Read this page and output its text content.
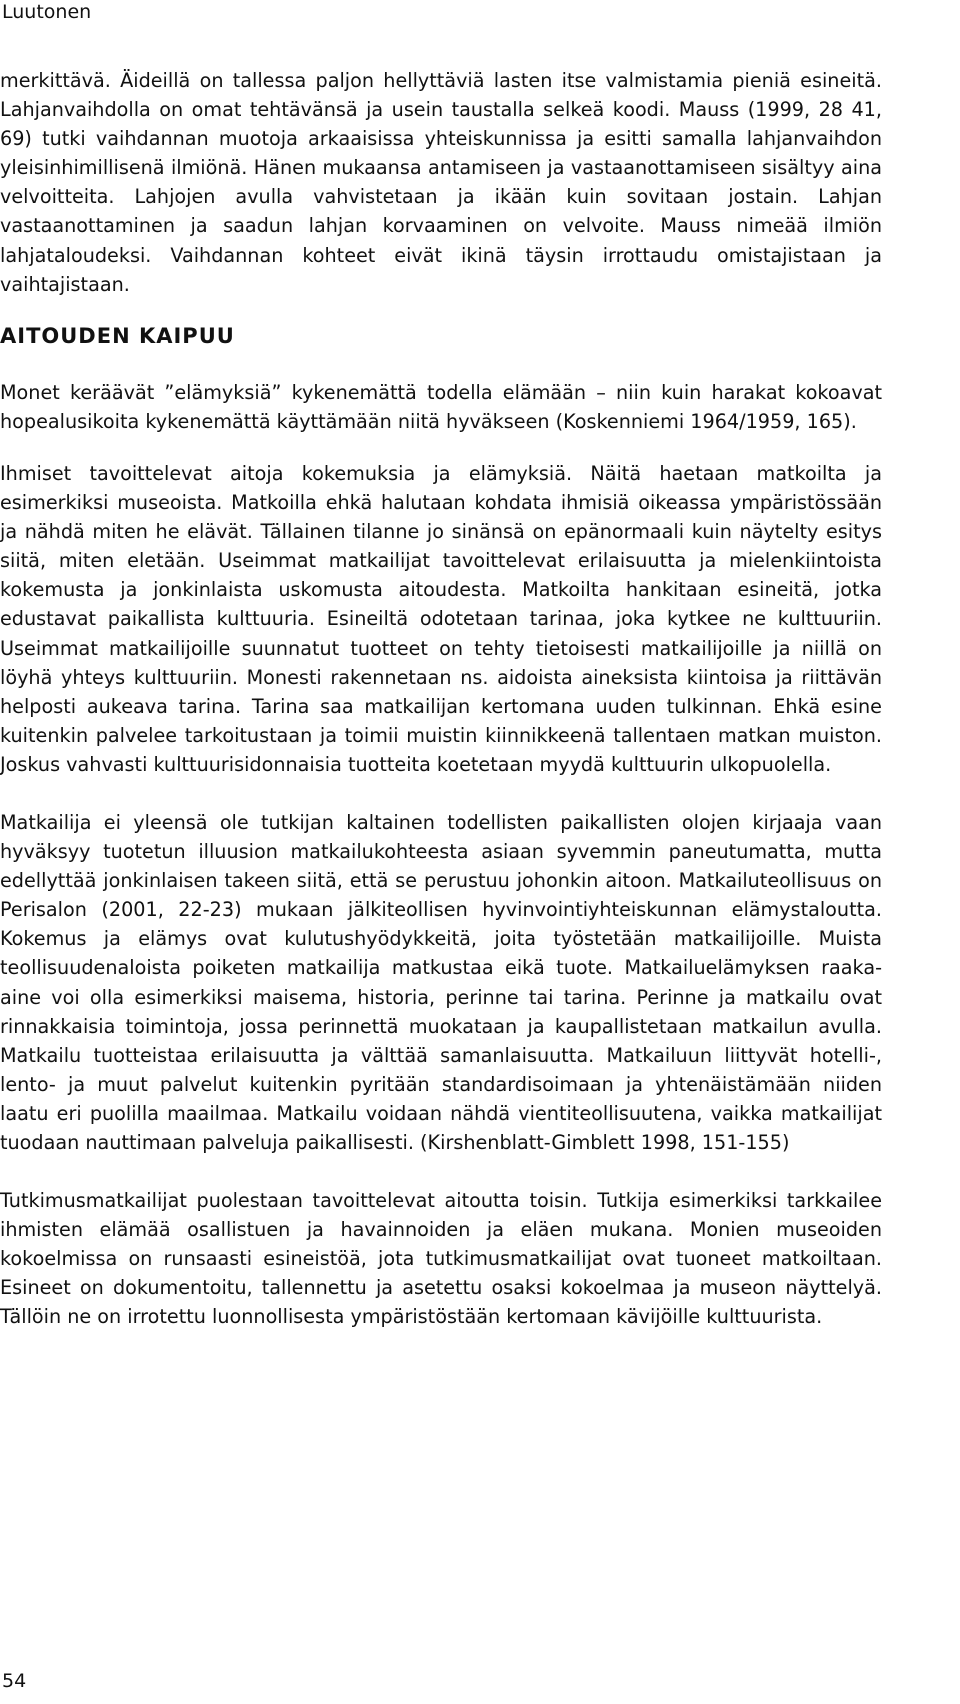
Luutonen

merkittävä. Äideillä on tallessa paljon hellyttäviä lasten itse valmistamia pieniä esineitä. Lahjanvaihdolla on omat tehtävänsä ja usein taustalla selkeä koodi. Mauss (1999, 28 41, 69) tutki vaihdannan muotoja arkaaisissa yhteiskunnissa ja esitti samalla lahjanvaihdon yleisinhimillisenä ilmiönä. Hänen mukaansa antamiseen ja vastaanottamiseen sisältyy aina velvoitteita. Lahjojen avulla vahvistetaan ja ikään kuin sovitaan jostain. Lahjan vastaanottaminen ja saadun lahjan korvaaminen on velvoite. Mauss nimeää ilmiön lahjataloudeksi. Vaihdannan kohteet eivät ikinä täysin irrottaudu omistajistaan ja vaihtajistaan.

AITOUDEN KAIPUU

Monet keräävät ”elämyksiä” kykenemättä todella elämään – niin kuin harakat kokoavat hopealusikoita kykenemättä käyttämään niitä hyväkseen (Koskenniemi 1964/1959, 165).

Ihmiset tavoittelevat aitoja kokemuksia ja elämyksiä. Näitä haetaan matkoilta ja esimerkiksi museoista. Matkoilla ehkä halutaan kohdata ihmisiä oikeassa ympäristössään ja nähdä miten he elävät. Tällainen tilanne jo sinänsä on epänormaali kuin näytelty esitys siitä, miten eletään. Useimmat matkailijat tavoittelevat erilaisuutta ja mielenkiintoista kokemusta ja jonkinlaista uskomusta aitoudesta. Matkoilta hankitaan esineitä, jotka edustavat paikallista kulttuuria. Esineiltä odotetaan tarinaa, joka kytkee ne kulttuuriin. Useimmat matkailijoille suunnatut tuotteet on tehty tietoisesti matkailijoille ja niillä on löyhä yhteys kulttuuriin. Monesti rakennetaan ns. aidoista aineksista kiintoisa ja riittävän helposti aukeava tarina. Tarina saa matkailijan kertomana uuden tulkinnan. Ehkä esine kuitenkin palvelee tarkoitustaan ja toimii muistin kiinnikkeenä tallentaen matkan muiston. Joskus vahvasti kulttuurisidonnaisia tuotteita koetetaan myydä kulttuurin ulkopuolella.

Matkailija ei yleensä ole tutkijan kaltainen todellisten paikallisten olojen kirjaaja vaan hyväksyy tuotetun illuusion matkailukohteesta asiaan syvemmin paneutumatta, mutta edellyttää jonkinlaisen takeen siitä, että se perustuu johonkin aitoon. Matkailuteollisuus on Perisalon (2001, 22-23) mukaan jälkiteollisen hyvinvointiyhteiskunnan elämystaloutta. Kokemus ja elämys ovat kulutushyödykkeitä, joita työstetään matkailijoille. Muista teollisuudenaloista poiketen matkailija matkustaa eikä tuote. Matkailuelämyksen raaka-aine voi olla esimerkiksi maisema, historia, perinne tai tarina. Perinne ja matkailu ovat rinnakkaisia toimintoja, jossa perinnettä muokataan ja kaupallistetaan matkailun avulla. Matkailu tuotteistaa erilaisuutta ja välttää samanlaisuutta. Matkailuun liittyvät hotelli-, lento- ja muut palvelut kuitenkin pyritään standardisoimaan ja yhtenäistämään niiden laatu eri puolilla maailmaa. Matkailu voidaan nähdä vientiteollisuutena, vaikka matkailijat tuodaan nauttimaan palveluja paikallisesti. (Kirshenblatt-Gimblett 1998, 151-155)

Tutkimusmatkailijat puolestaan tavoittelevat aitoutta toisin. Tutkija esimerkiksi tarkkailee ihmisten elämää osallistuen ja havainnoiden ja eläen mukana. Monien museoiden kokoelmissa on runsaasti esineistöä, jota tutkimusmatkailijat ovat tuoneet matkoiltaan. Esineet on dokumentoitu, tallennettu ja asetettu osaksi kokoelmaa ja museon näyttelyä. Tällöin ne on irrotettu luonnollisesta ympäristöstään kertomaan kävijöille kulttuurista.

54
